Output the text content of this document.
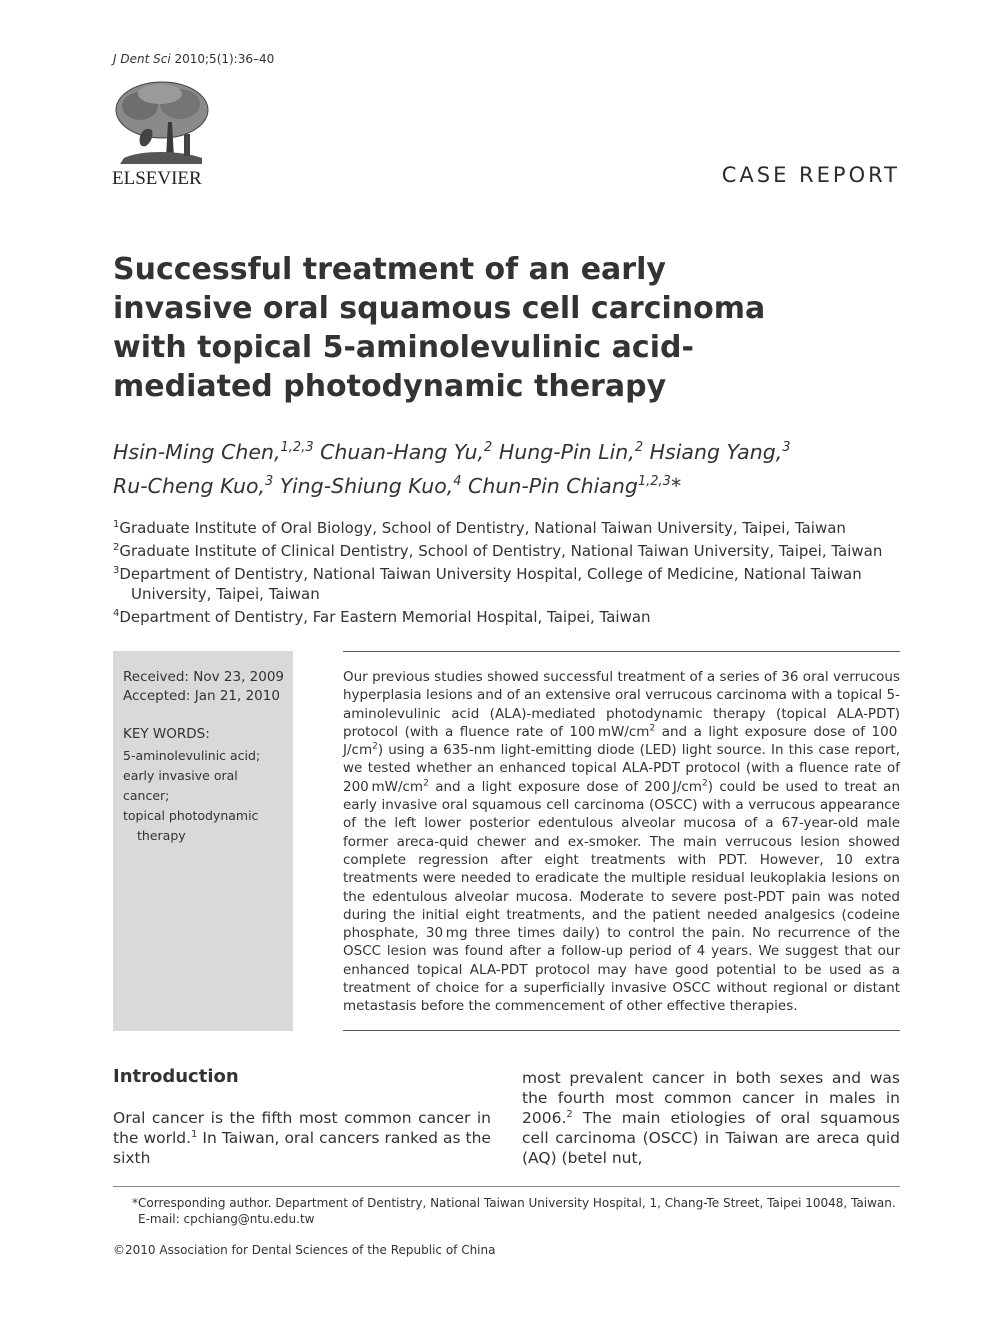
J Dent Sci 2010;5(1):36–40
ELSEVIER	CASE REPORT
Successful treatment of an early invasive oral squamous cell carcinoma with topical 5-aminolevulinic acid-mediated photodynamic therapy
Hsin-Ming Chen,$^{1,2,3}$ Chuan-Hang Yu,$^2$ Hung-Pin Lin,$^2$ Hsiang Yang,$^3$
Ru-Cheng Kuo,$^3$ Ying-Shiung Kuo,$^4$ Chun-Pin Chiang$^{1,2,3}$*
$^1$Graduate Institute of Oral Biology, School of Dentistry, National Taiwan University, Taipei, Taiwan
$^2$Graduate Institute of Clinical Dentistry, School of Dentistry, National Taiwan University, Taipei, Taiwan
$^3$Department of Dentistry, National Taiwan University Hospital, College of Medicine, National Taiwan University, Taipei, Taiwan
$^4$Department of Dentistry, Far Eastern Memorial Hospital, Taipei, Taiwan
Received: Nov 23, 2009
Accepted: Jan 21, 2010
KEY WORDS:
5-aminolevulinic acid;
early invasive oral cancer;
topical photodynamic
therapy
Our previous studies showed successful treatment of a series of 36 oral verrucous hyperplasia lesions and of an extensive oral verrucous carcinoma with a topical 5-aminolevulinic acid (ALA)-mediated photodynamic therapy (topical ALA-PDT) protocol (with a fluence rate of 100 $mW/cm^2$ and a light exposure dose of 100 $J/cm^2$) using a 635-nm light-emitting diode (LED) light source. In this case report, we tested whether an enhanced topical ALA-PDT protocol (with a fluence rate of 200 $mW/cm^2$ and a light exposure dose of 200 $J/cm^2$) could be used to treat an early invasive oral squamous cell carcinoma (OSCC) with a verrucous appearance of the left lower posterior edentulous alveolar mucosa of a 67-year-old male former areca-quid chewer and ex-smoker. The main verrucous lesion showed complete regression after eight treatments with PDT. However, 10 extra treatments were needed to eradicate the multiple residual leukoplakia lesions on the edentulous alveolar mucosa. Moderate to severe post-PDT pain was noted during the initial eight treatments, and the patient needed analgesics (codeine phosphate, 30 mg three times daily) to control the pain. No recurrence of the OSCC lesion was found after a follow-up period of 4 years. We suggest that our enhanced topical ALA-PDT protocol may have good potential to be used as a treatment of choice for a superficially invasive OSCC without regional or distant metastasis before the commencement of other effective therapies.
Introduction
Oral cancer is the fifth most common cancer in the world.$^1$ In Taiwan, oral cancers ranked as the sixth
most prevalent cancer in both sexes and was the fourth most common cancer in males in 2006.$^2$ The main etiologies of oral squamous cell carcinoma (OSCC) in Taiwan are areca quid (AQ) (betel nut,
*Corresponding author. Department of Dentistry, National Taiwan University Hospital, 1, Chang-Te Street, Taipei 10048, Taiwan.
E-mail: cpchiang@ntu.edu.tw
©2010 Association for Dental Sciences of the Republic of China
